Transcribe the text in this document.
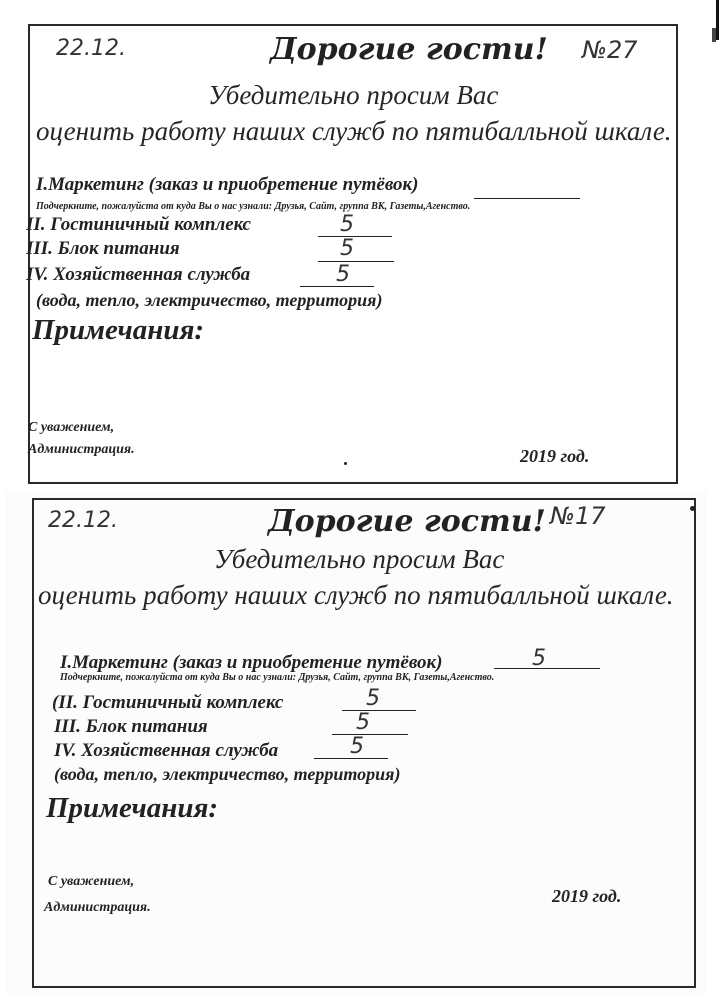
22.12.	Дорогие гости! №27
Убедительно просим Вас
оценить работу наших служб по пятибалльной шкале.
I.Маркетинг (заказ и приобретение путёвок)
Подчеркните, пожалуйста от куда Вы о нас узнали: Друзья, Сайт, группа ВК, Газеты,Агенство.
II. Гостиничный комплекс	5
III. Блок питания	5
IV. Хозяйственная служба	5
(вода, тепло, электричество, территория)
Примечания:
С уважением,
Администрация.	2019 год.
22.12.	Дорогие гости! №17
Убедительно просим Вас
оценить работу наших служб по пятибалльной шкале.
I.Маркетинг (заказ и приобретение путёвок)	5
Подчеркните, пожалуйста от куда Вы о нас узнали: Друзья, Сайт, группа ВК, Газеты,Агенство.
(II. Гостиничный комплекс	5
III. Блок питания	5
IV. Хозяйственная служба	5
(вода, тепло, электричество, территория)
Примечания:
С уважением,
Администрация.
2019 год.
